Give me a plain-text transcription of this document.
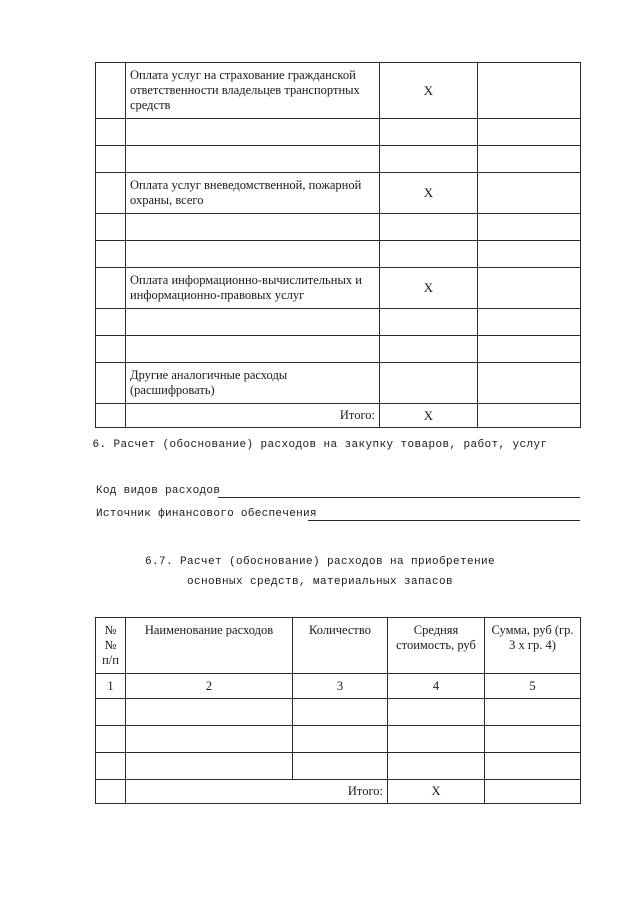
	Оплата услуг на страхование гражданской ответственности владельцев транспортных средств	X	

	Оплата услуг вневедомственной, пожарной охраны, всего	X	

	Оплата информационно-вычислительных и информационно-правовых услуг	X	

	Другие аналогичные расходы (расшифровать)		
	Итого:	X	
6. Расчет (обоснование) расходов на закупку товаров, работ, услуг
Код видов расходов
Источник финансового обеспечения
6.7. Расчет (обоснование) расходов на приобретение
основных средств, материальных запасов
№ № п/п	Наименование расходов	Количество	Средняя стоимость, руб	Сумма, руб (гр. 3 х гр. 4)
1	2	3	4	5

	Итого:		X	
